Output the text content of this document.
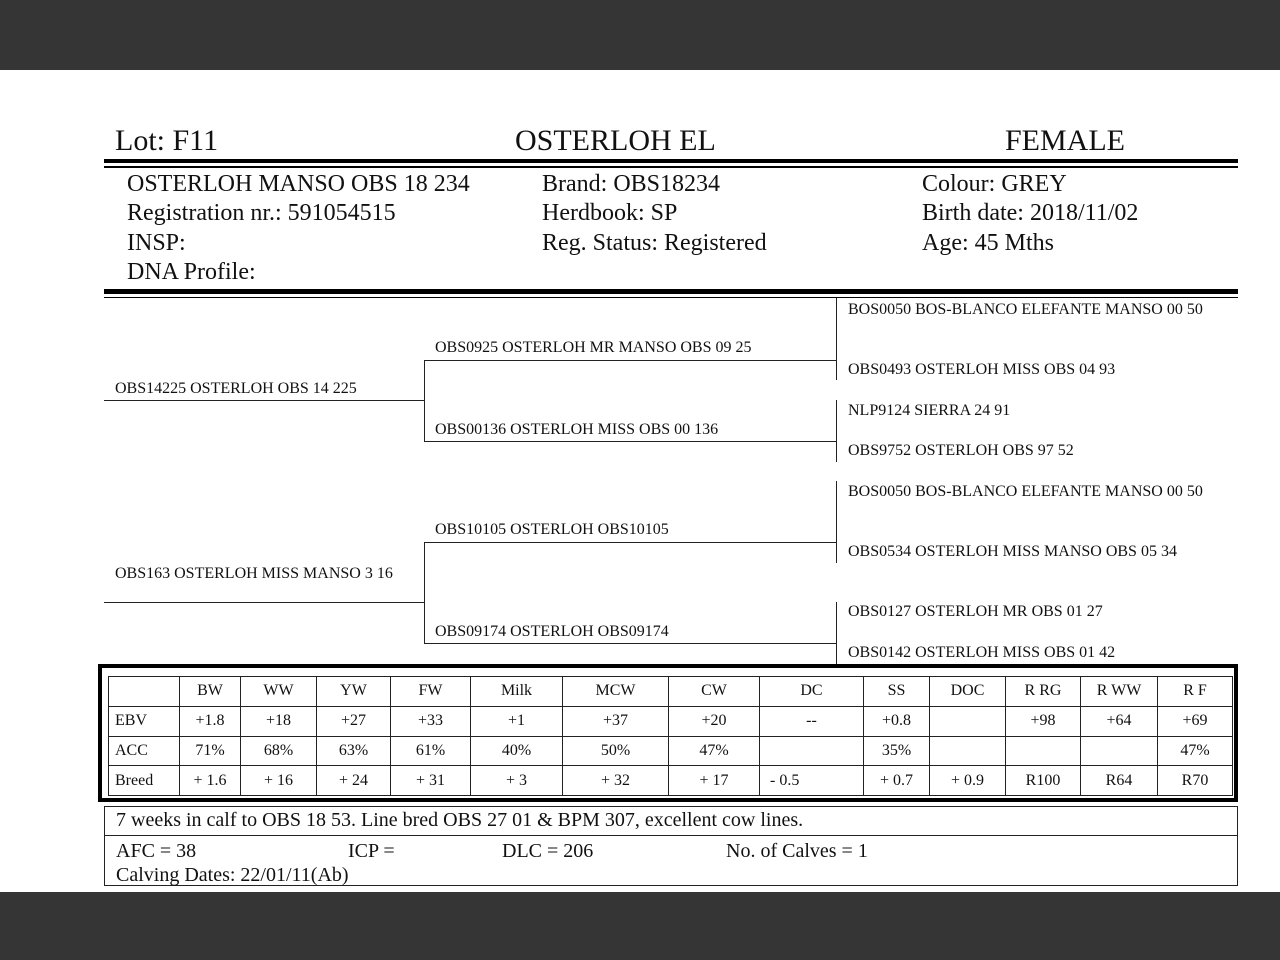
Lot: F11	OSTERLOH EL	FEMALE
OSTERLOH MANSO OBS 18 234
Registration nr.: 591054515
INSP:
DNA Profile:
Brand: OBS18234
Herdbook: SP
Reg. Status: Registered
Colour: GREY
Birth date: 2018/11/02
Age: 45 Mths
OBS14225 OSTERLOH OBS 14 225
OBS163 OSTERLOH MISS MANSO 3 16
OBS0925 OSTERLOH MR MANSO OBS 09 25
OBS00136 OSTERLOH MISS OBS 00 136
OBS10105 OSTERLOH OBS10105
OBS09174 OSTERLOH OBS09174
BOS0050 BOS-BLANCO ELEFANTE MANSO 00 50
OBS0493 OSTERLOH MISS OBS 04 93
NLP9124 SIERRA 24 91
OBS9752 OSTERLOH OBS 97 52
BOS0050 BOS-BLANCO ELEFANTE MANSO 00 50
OBS0534 OSTERLOH MISS MANSO OBS 05 34
OBS0127 OSTERLOH MR OBS 01 27
OBS0142 OSTERLOH MISS OBS 01 42
	BW	WW	YW	FW	Milk	MCW	CW	DC	SS	DOC	R RG	R WW	R F
EBV	+1.8	+18	+27	+33	+1	+37	+20	--	+0.8		+98	+64	+69
ACC	71%	68%	63%	61%	40%	50%	47%		35%				47%
Breed	+ 1.6	+ 16	+ 24	+ 31	+ 3	+ 32	+ 17	- 0.5	+ 0.7	+ 0.9	R100	R64	R70
7 weeks in calf to OBS 18 53. Line bred OBS 27 01 & BPM 307, excellent cow lines.
AFC = 38	ICP =	DLC = 206	No. of Calves = 1
Calving Dates: 22/01/11(Ab)
